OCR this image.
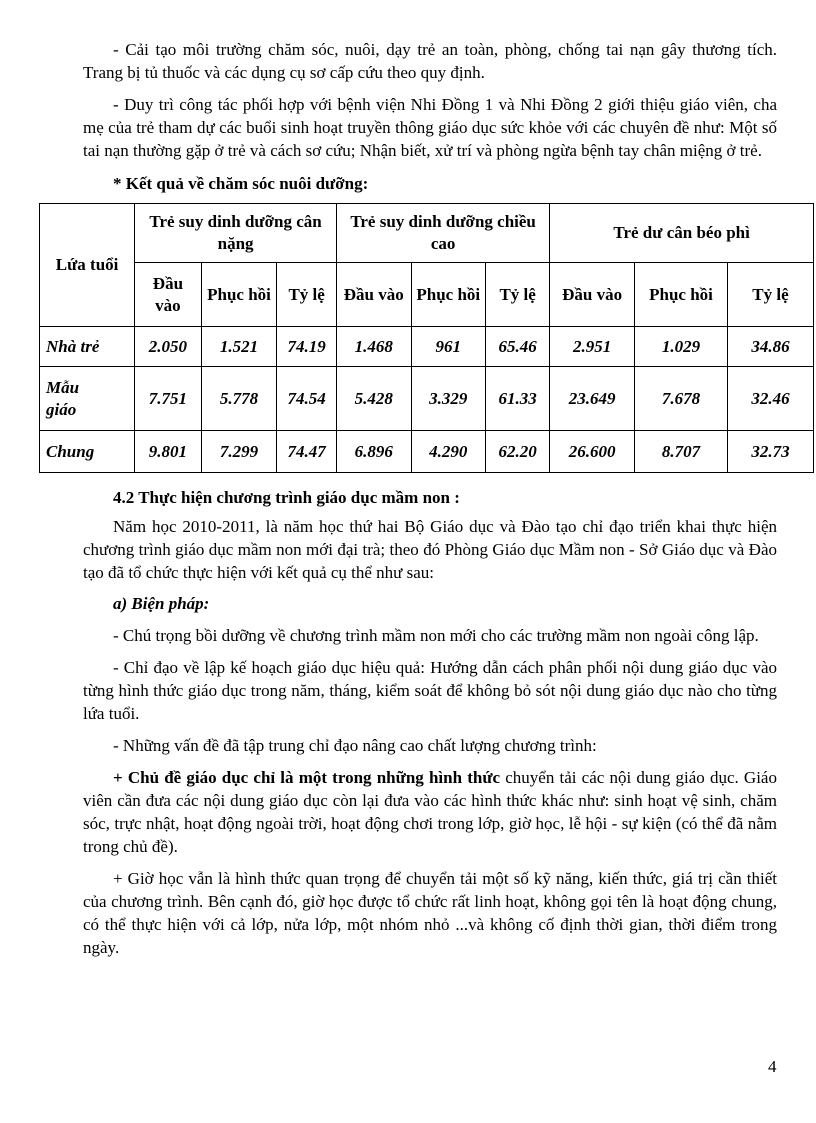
- Cải tạo môi trường chăm sóc, nuôi, dạy trẻ an toàn, phòng, chống tai nạn gây thương tích. Trang bị tủ thuốc và các dụng cụ sơ cấp cứu theo quy định.

- Duy trì công tác phối hợp với bệnh viện Nhi Đồng 1 và Nhi Đồng 2 giới thiệu giáo viên, cha mẹ của trẻ tham dự các buổi sinh hoạt truyền thông giáo dục sức khỏe với các chuyên đề như: Một số tai nạn thường gặp ở trẻ và cách sơ cứu; Nhận biết, xử trí và phòng ngừa bệnh tay chân miệng ở trẻ.

* Kết quả về chăm sóc nuôi dưỡng:

Lứa tuổi	Trẻ suy dinh dưỡng cân nặng			Trẻ suy dinh dưỡng chiều cao			Trẻ dư cân béo phì		
	Đầu vào	Phục hồi	Tỷ lệ	Đầu vào	Phục hồi	Tỷ lệ	Đầu vào	Phục hồi	Tỷ lệ
Nhà trẻ	2.050	1.521	74.19	1.468	961	65.46	2.951	1.029	34.86
Mẫu giáo	7.751	5.778	74.54	5.428	3.329	61.33	23.649	7.678	32.46
Chung	9.801	7.299	74.47	6.896	4.290	62.20	26.600	8.707	32.73

4.2 Thực hiện chương trình giáo dục mầm non :

Năm học 2010-2011, là năm học thứ hai Bộ Giáo dục và Đào tạo chỉ đạo triển khai thực hiện chương trình giáo dục mầm non mới đại trà; theo đó Phòng Giáo dục Mầm non - Sở Giáo dục và Đào tạo đã tổ chức thực hiện với kết quả cụ thể như sau:

a) Biện pháp:

- Chú trọng bồi dưỡng về chương trình mầm non mới cho các trường mầm non ngoài công lập.

- Chỉ đạo về lập kế hoạch giáo dục hiệu quả: Hướng dẫn cách phân phối nội dung giáo dục vào từng hình thức giáo dục trong năm, tháng, kiểm soát để không bỏ sót nội dung giáo dục nào cho từng lứa tuổi.

- Những vấn đề đã tập trung chỉ đạo nâng cao chất lượng chương trình:

+ Chủ đề giáo dục chỉ là một trong những hình thức chuyển tải các nội dung giáo dục. Giáo viên cần đưa các nội dung giáo dục còn lại đưa vào các hình thức khác như: sinh hoạt vệ sinh, chăm sóc, trực nhật, hoạt động ngoài trời, hoạt động chơi trong lớp, giờ học, lễ hội - sự kiện (có thể đã nằm trong chủ đề).

+ Giờ học vẫn là hình thức quan trọng để chuyển tải một số kỹ năng, kiến thức, giá trị cần thiết của chương trình. Bên cạnh đó, giờ học được tổ chức rất linh hoạt, không gọi tên là hoạt động chung, có thể thực hiện với cả lớp, nửa lớp, một nhóm nhỏ ...và không cố định thời gian, thời điểm trong ngày.

4
